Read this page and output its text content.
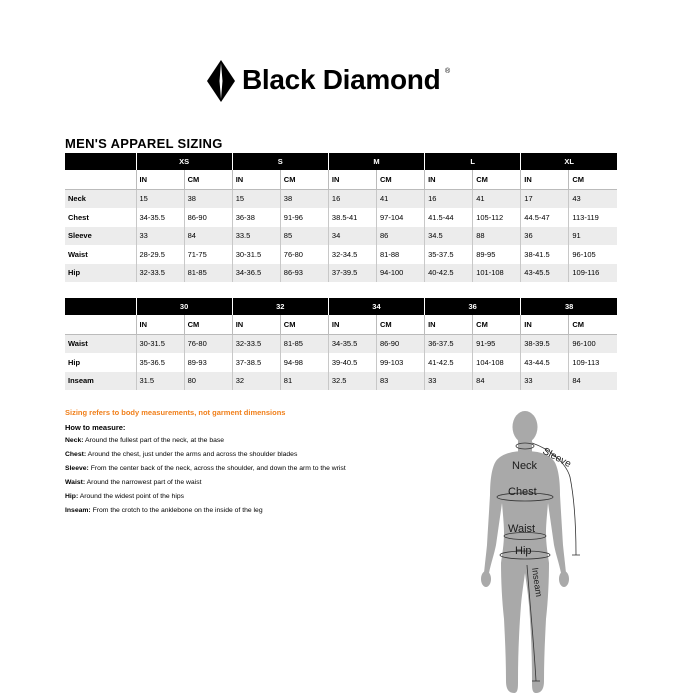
Black Diamond ®
MEN'S APPAREL SIZING
	XS		S		M		L		XL	
	IN	CM	IN	CM	IN	CM	IN	CM	IN	CM
Neck	15	38	15	38	16	41	16	41	17	43
Chest	34-35.5	86-90	36-38	91-96	38.5-41	97-104	41.5-44	105-112	44.5-47	113-119
Sleeve	33	84	33.5	85	34	86	34.5	88	36	91
Waist	28-29.5	71-75	30-31.5	76-80	32-34.5	81-88	35-37.5	89-95	38-41.5	96-105
Hip	32-33.5	81-85	34-36.5	86-93	37-39.5	94-100	40-42.5	101-108	43-45.5	109-116
	30		32		34		36		38	
	IN	CM	IN	CM	IN	CM	IN	CM	IN	CM
Waist	30-31.5	76-80	32-33.5	81-85	34-35.5	86-90	36-37.5	91-95	38-39.5	96-100
Hip	35-36.5	89-93	37-38.5	94-98	39-40.5	99-103	41-42.5	104-108	43-44.5	109-113
Inseam	31.5	80	32	81	32.5	83	33	84	33	84
Sizing refers to body measurements, not garment dimensions
How to measure:
Neck: Around the fullest part of the neck, at the base
Chest: Around the chest, just under the arms and across the shoulder blades
Sleeve: From the center back of the neck, across the shoulder, and down the arm to the wrist
Waist: Around the narrowest part of the waist
Hip: Around the widest point of the hips
Inseam: From the crotch to the anklebone on the inside of the leg
Neck Sleeve
Chest
Waist
Hip
Inseam
